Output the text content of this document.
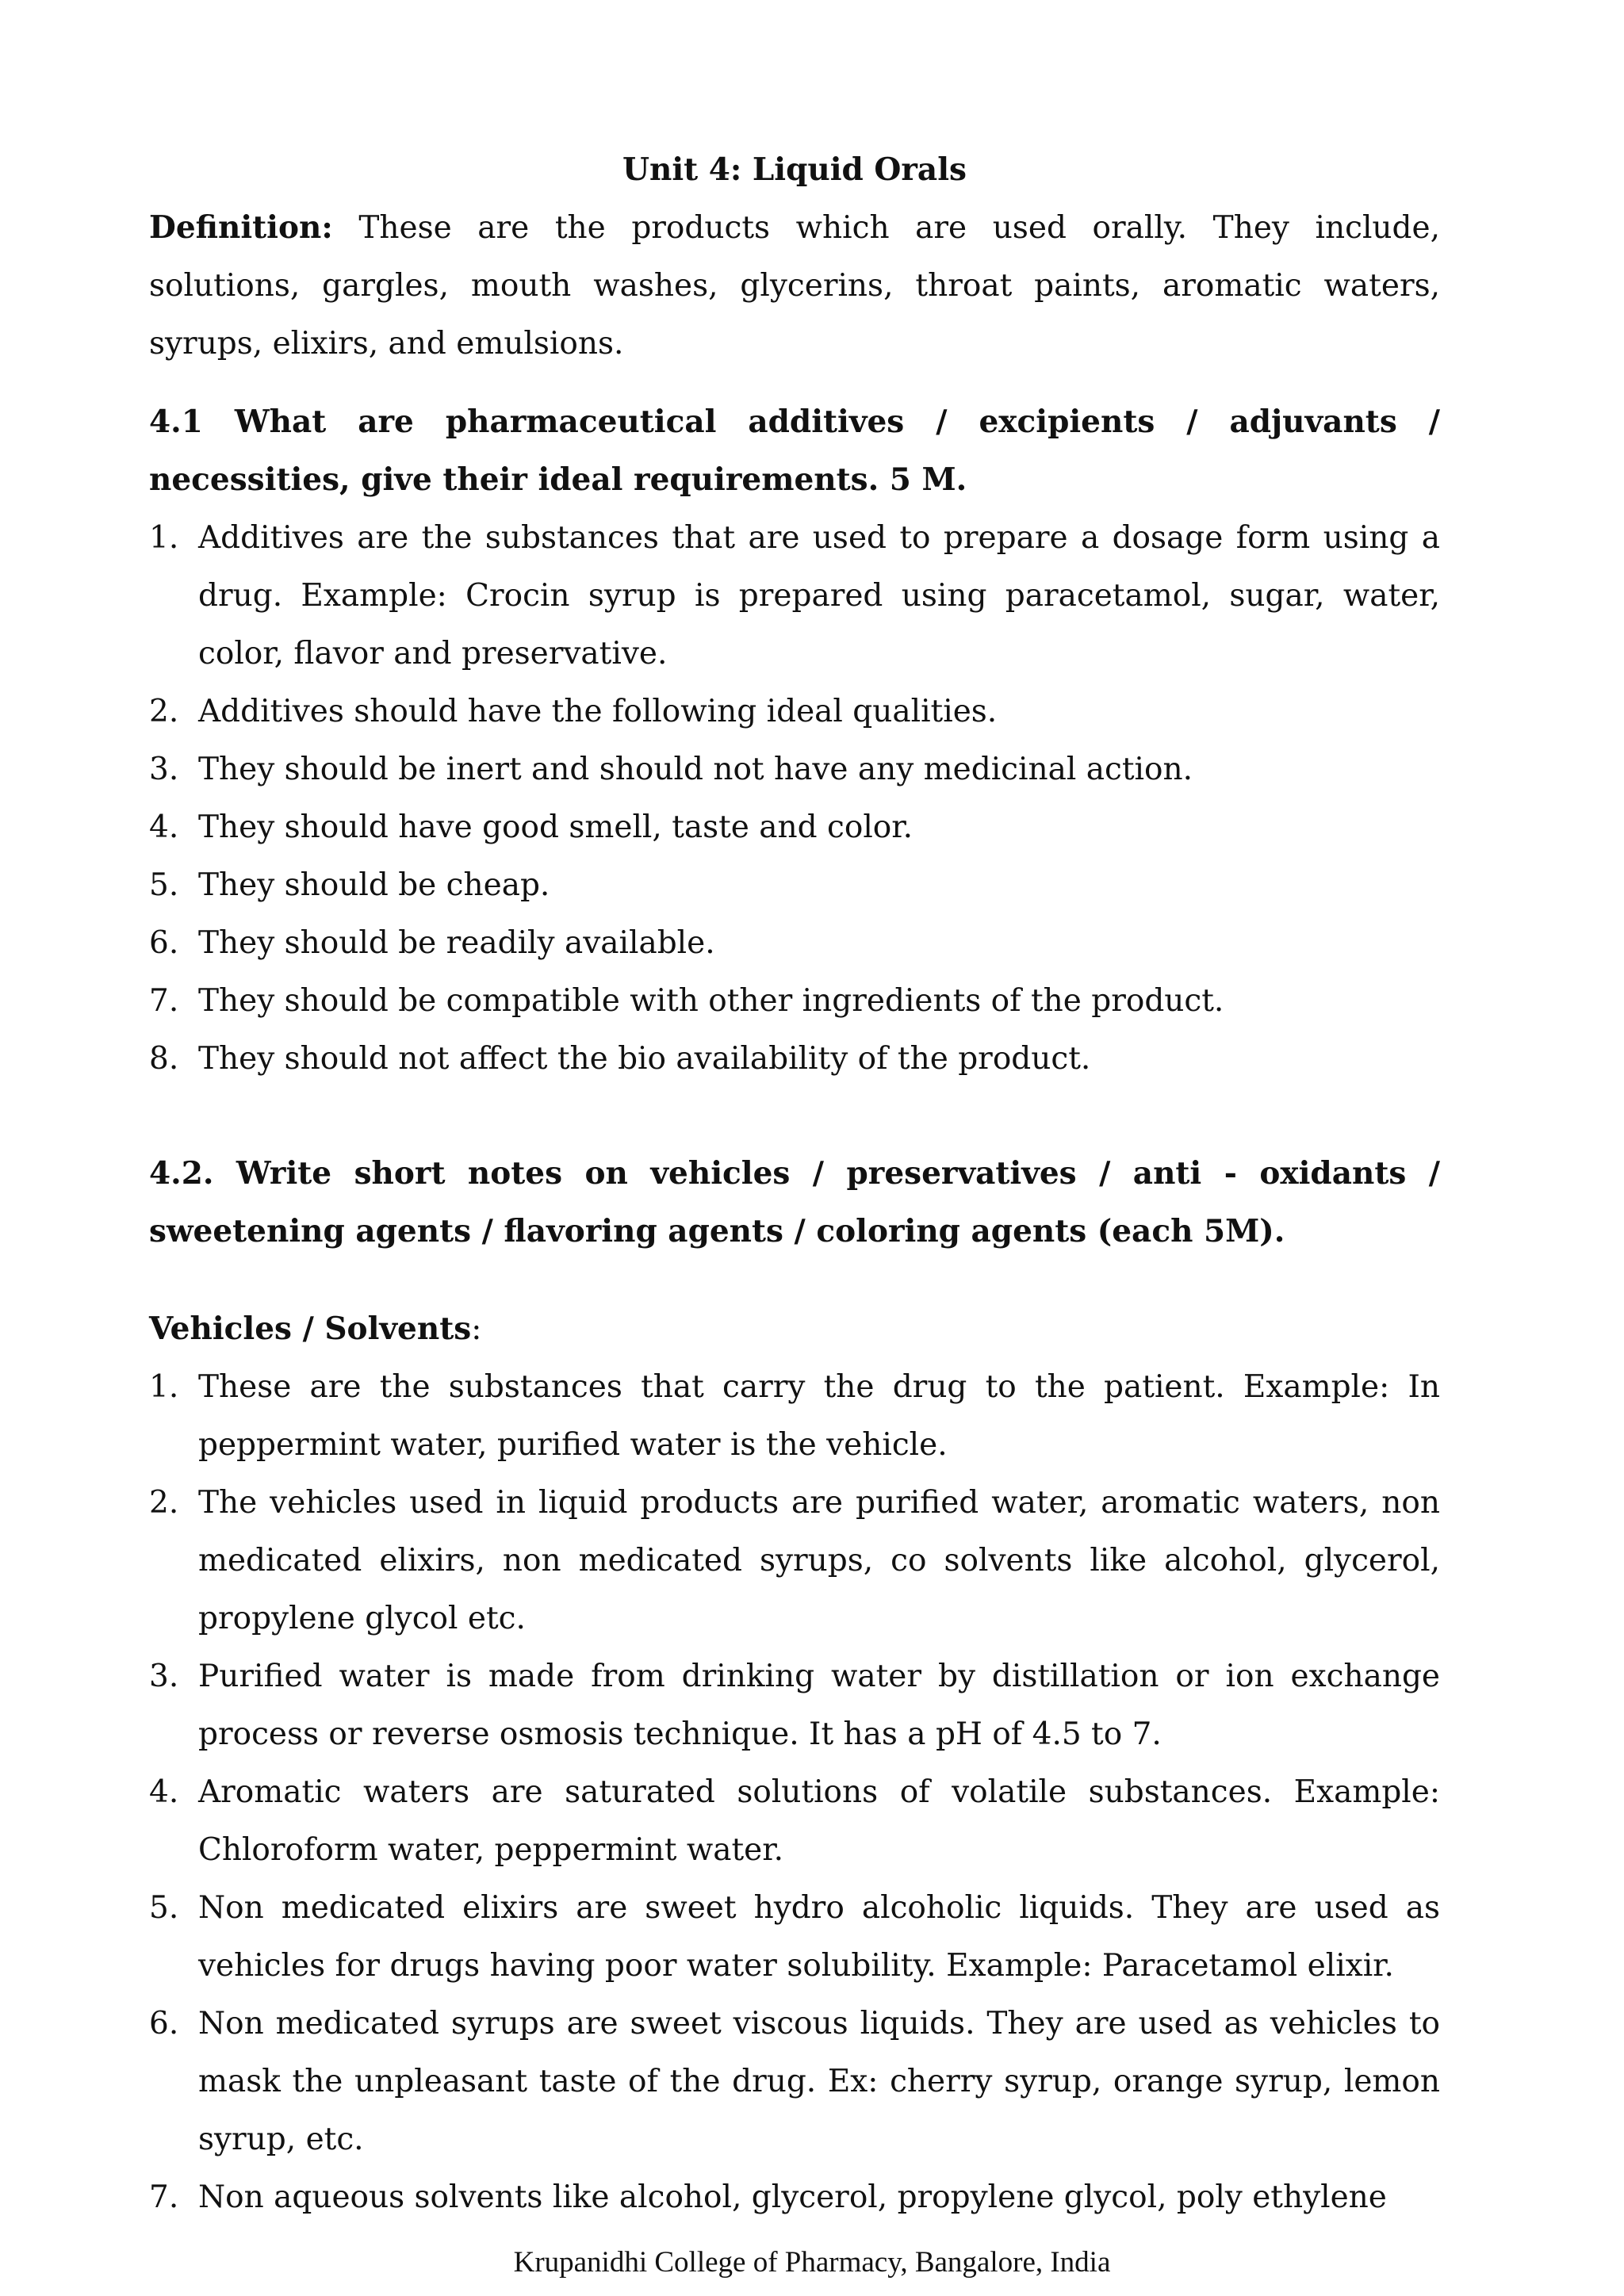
Unit 4: Liquid Orals

Definition: These are the products which are used orally. They include, solutions, gargles, mouth washes, glycerins, throat paints, aromatic waters, syrups, elixirs, and emulsions.

4.1 What are pharmaceutical additives / excipients / adjuvants / necessities, give their ideal requirements. 5 M.

1. Additives are the substances that are used to prepare a dosage form using a drug. Example: Crocin syrup is prepared using paracetamol, sugar, water, color, flavor and preservative.
2. Additives should have the following ideal qualities.
3. They should be inert and should not have any medicinal action.
4. They should have good smell, taste and color.
5. They should be cheap.
6. They should be readily available.
7. They should be compatible with other ingredients of the product.
8. They should not affect the bio availability of the product.

4.2. Write short notes on vehicles / preservatives / anti - oxidants / sweetening agents / flavoring agents / coloring agents (each 5M).

Vehicles / Solvents:

1. These are the substances that carry the drug to the patient. Example: In peppermint water, purified water is the vehicle.
2. The vehicles used in liquid products are purified water, aromatic waters, non medicated elixirs, non medicated syrups, co solvents like alcohol, glycerol, propylene glycol etc.
3. Purified water is made from drinking water by distillation or ion exchange process or reverse osmosis technique. It has a pH of 4.5 to 7.
4. Aromatic waters are saturated solutions of volatile substances. Example: Chloroform water, peppermint water.
5. Non medicated elixirs are sweet hydro alcoholic liquids. They are used as vehicles for drugs having poor water solubility. Example: Paracetamol elixir.
6. Non medicated syrups are sweet viscous liquids. They are used as vehicles to mask the unpleasant taste of the drug. Ex: cherry syrup, orange syrup, lemon syrup, etc.
7. Non aqueous solvents like alcohol, glycerol, propylene glycol, poly ethylene
Krupanidhi College of Pharmacy, Bangalore, India
